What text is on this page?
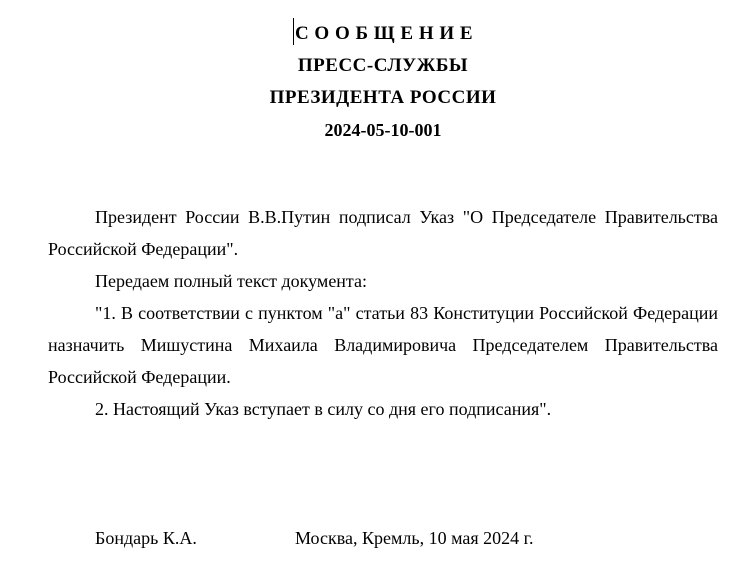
С О О Б Щ Е Н И Е
ПРЕСС-СЛУЖБЫ
ПРЕЗИДЕНТА РОССИИ
2024-05-10-001

Президент России В.В.Путин подписал Указ "О Председателе Правительства Российской Федерации".

Передаем полный текст документа:

"1. В соответствии с пунктом "а" статьи 83 Конституции Российской Федерации назначить Мишустина Михаила Владимировича Председателем Правительства Российской Федерации.

2. Настоящий Указ вступает в силу со дня его подписания".

Бондарь К.А.	Москва, Кремль, 10 мая 2024 г.
